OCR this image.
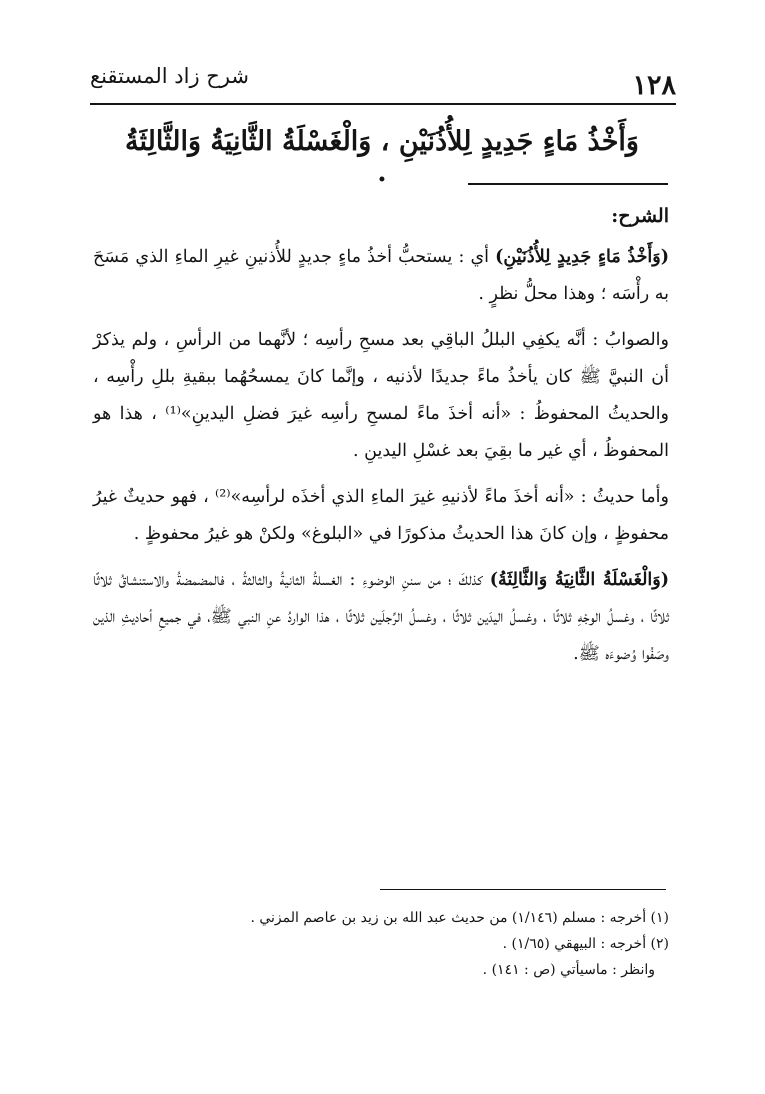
١٢٨
شرح زاد المستقنع
وَأَخْذُ مَاءٍ جَدِيدٍ لِلأُذُنَيْنِ ، وَالْغَسْلَةُ الثَّانِيَةُ وَالثَّالِثَةُ .

الشرح:

(وَأَخْذُ مَاءٍ جَدِيدٍ لِلأُذُنَيْنِ) أي : يستحبُّ أخذُ ماءٍ جديدٍ للأُذنينِ غيرِ الماءِ الذي مَسَحَ به رأْسَه ؛ وهذا محلُّ نظرٍ .

والصوابُ : أنَّه يكفِي البللُ الباقِي بعد مسحِ رأسِه ؛ لأنَّهما من الرأسِ ، ولم يذكرْ أن النبيَّ ﷺ كان يأخذُ ماءً جديدًا لأذنيه ، وإنَّما كانَ يمسحُهُما ببقيةِ بللِ رأْسِه ، والحديثُ المحفوظُ : «أنه أخذَ ماءً لمسحِ رأسِه غيرَ فضلِ اليدينِ»⁽¹⁾ ، هذا هو المحفوظُ ، أي غير ما بقِيَ بعد غسْلِ اليدينِ .

وأما حديثُ : «أنه أخذَ ماءً لأذنيهِ غيرَ الماءِ الذي أخذَه لرأسِه»⁽²⁾ ، فهو حديثٌ غيرُ محفوظٍ ، وإن كانَ هذا الحديثُ مذكورًا في «البلوغ» ولكنْ هو غيرُ محفوظٍ .

(وَالْغَسْلَةُ الثَّانِيَةُ وَالثَّالِثَةُ) كذلكَ ؛ من سننِ الوضوءِ : الغسلةُ الثانيةُ والثالثةُ ، فالمضمضةُ والاستنشاقُ ثلاثًا ثلاثًا ، وغسلُ الوجْهِ ثلاثًا ، وغسلُ اليدَين ثلاثًا ، وغسلُ الرِّجلَين ثلاثًا ، هذا الواردُ عنِ النبي ﷺ، في جميعِ أحاديثِ الذين وصَفُوا وُضوءَه ﷺ.

(١) أخرجه : مسلم (١/١٤٦) من حديث عبد الله بن زيد بن عاصم المزني .
(٢) أخرجه : البيهقي (١/٦٥) .
وانظر : ماسيأتي (ص : ١٤١) .
